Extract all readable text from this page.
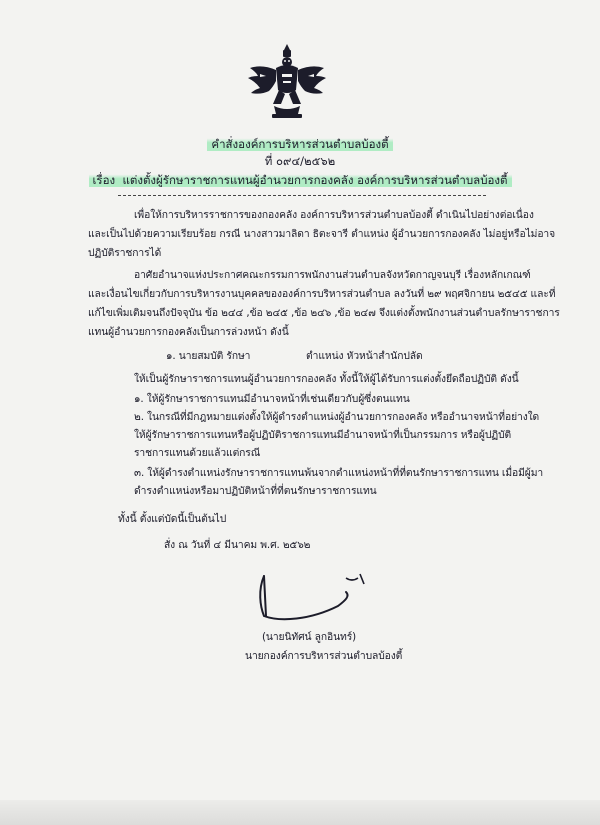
คำสั่งองค์การบริหารส่วนตำบลบ้องตี้
ที่ ๐๙๔/๒๕๖๒
เรื่อง แต่งตั้งผู้รักษาราชการแทนผู้อำนวยการกองคลัง องค์การบริหารส่วนตำบลบ้องตี้
เพื่อให้การบริหารราชการของกองคลัง องค์การบริหารส่วนตำบลบ้องตี้ ดำเนินไปอย่างต่อเนื่อง
และเป็นไปด้วยความเรียบร้อย กรณี นางสาวมาลิดา ธิตะจารี ตำแหน่ง ผู้อำนวยการกองคลัง ไม่อยู่หรือไม่อาจ
ปฏิบัติราชการได้
อาศัยอำนาจแห่งประกาศคณะกรรมการพนักงานส่วนตำบลจังหวัดกาญจนบุรี เรื่องหลักเกณฑ์
และเงื่อนไขเกี่ยวกับการบริหารงานบุคคลขององค์การบริหารส่วนตำบล ลงวันที่ ๒๙ พฤศจิกายน ๒๕๔๕ และที่
แก้ไขเพิ่มเติมจนถึงปัจจุบัน ข้อ ๒๔๔ ,ข้อ ๒๔๕ ,ข้อ ๒๔๖ ,ข้อ ๒๔๗ จึงแต่งตั้งพนักงานส่วนตำบลรักษาราชการ
แทนผู้อำนวยการกองคลังเป็นการล่วงหน้า ดังนี้
๑. นายสมบัติ รักษา	ตำแหน่ง หัวหน้าสำนักปลัด
ให้เป็นผู้รักษาราชการแทนผู้อำนวยการกองคลัง ทั้งนี้ให้ผู้ได้รับการแต่งตั้งยึดถือปฏิบัติ ดังนี้
๑. ให้ผู้รักษาราชการแทนมีอำนาจหน้าที่เช่นเดียวกับผู้ซึ่งตนแทน
๒. ในกรณีที่มีกฎหมายแต่งตั้งให้ผู้ดำรงตำแหน่งผู้อำนวยการกองคลัง หรืออำนาจหน้าที่อย่างใด
ให้ผู้รักษาราชการแทนหรือผู้ปฏิบัติราชการแทนมีอำนาจหน้าที่เป็นกรรมการ หรือผู้ปฏิบัติ
ราชการแทนด้วยแล้วแต่กรณี
๓. ให้ผู้ดำรงตำแหน่งรักษาราชการแทนพ้นจากตำแหน่งหน้าที่ที่ตนรักษาราชการแทน เมื่อมีผู้มา
ดำรงตำแหน่งหรือมาปฏิบัติหน้าที่ที่ตนรักษาราชการแทน
ทั้งนี้ ตั้งแต่บัดนี้เป็นต้นไป
สั่ง ณ วันที่ ๔ มีนาคม พ.ศ. ๒๕๖๒
(นายนิทัศน์ ลูกอินทร์)
นายกองค์การบริหารส่วนตำบลบ้องตี้
